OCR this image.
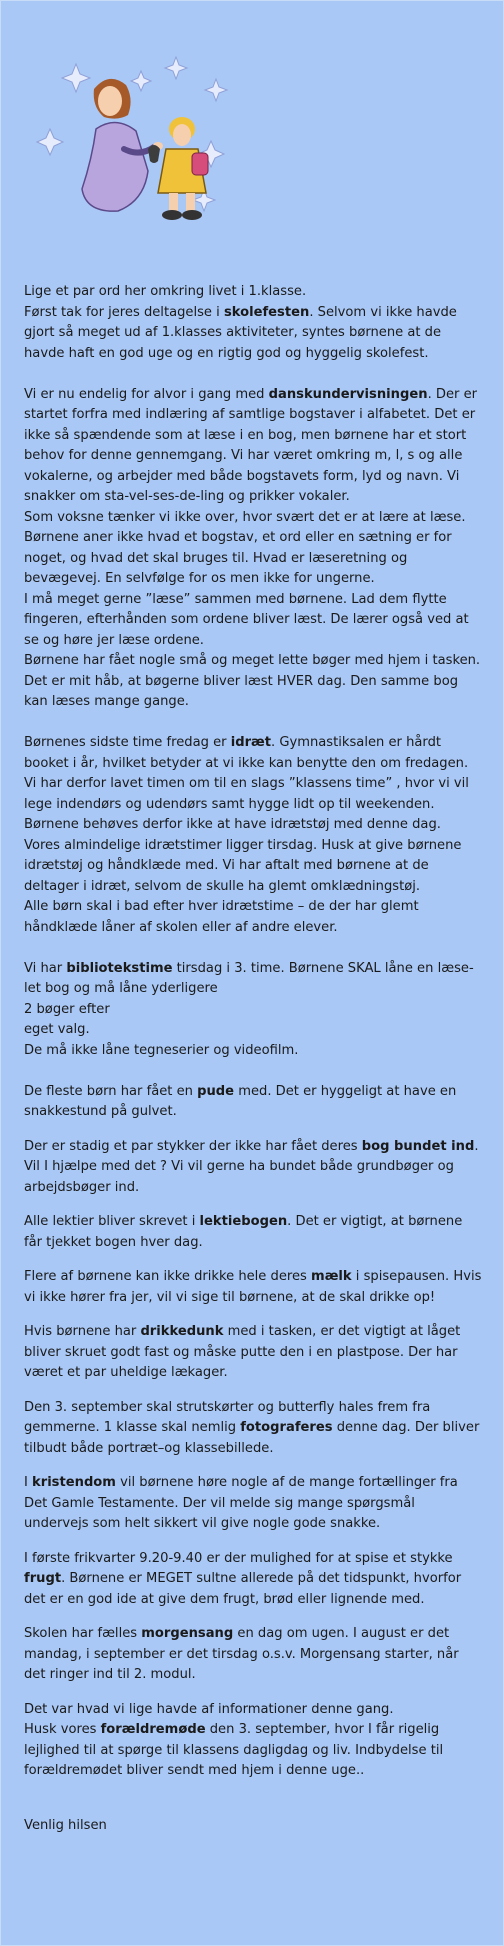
Lige et par ord her omkring livet i 1.klasse.
Først tak for jeres deltagelse i skolefesten. Selvom vi ikke havde gjort så meget ud af 1.klasses aktiviteter, syntes børnene at de havde haft en god uge og en rigtig god og hyggelig skolefest.

Vi er nu endelig for alvor i gang med danskundervisningen. Der er startet forfra med indlæring af samtlige bogstaver i alfabetet. Det er ikke så spændende som at læse i en bog, men børnene har et stort behov for denne gennemgang. Vi har været omkring m, l, s og alle vokalerne, og arbejder med både bogstavets form, lyd og navn. Vi snakker om sta-vel-ses-de-ling og prikker vokaler.
Som voksne tænker vi ikke over, hvor svært det er at lære at læse. Børnene aner ikke hvad et bogstav, et ord eller en sætning er for noget, og hvad det skal bruges til. Hvad er læseretning og bevægevej. En selvfølge for os men ikke for ungerne.
I må meget gerne ”læse” sammen med børnene. Lad dem flytte fingeren, efterhånden som ordene bliver læst. De lærer også ved at se og høre jer læse ordene.
Børnene har fået nogle små og meget lette bøger med hjem i tasken. Det er mit håb, at bøgerne bliver læst HVER dag. Den samme bog kan læses mange gange.

Børnenes sidste time fredag er idræt. Gymnastiksalen er hårdt booket i år, hvilket betyder at vi ikke kan benytte den om fredagen. Vi har derfor lavet timen om til en slags ”klassens time” , hvor vi vil lege indendørs og udendørs samt hygge lidt op til weekenden. Børnene behøves derfor ikke at have idrætstøj med denne dag.
Vores almindelige idrætstimer ligger tirsdag. Husk at give børnene idrætstøj og håndklæde med. Vi har aftalt med børnene at de deltager i idræt, selvom de skulle ha glemt omklædningstøj.
Alle børn skal i bad efter hver idrætstime – de der har glemt håndklæde låner af skolen eller af andre elever.

Vi har bibliotekstime tirsdag i 3. time. Børnene SKAL låne en læse-let bog og må låne yderligere
2 bøger efter
eget valg.
De må ikke låne tegneserier og videofilm.

De fleste børn har fået en pude med. Det er hyggeligt at have en snakkestund på gulvet.

Der er stadig et par stykker der ikke har fået deres bog bundet ind. Vil I hjælpe med det ? Vi vil gerne ha bundet både grundbøger og arbejdsbøger ind.

Alle lektier bliver skrevet i lektiebogen. Det er vigtigt, at børnene får tjekket bogen hver dag.

Flere af børnene kan ikke drikke hele deres mælk i spisepausen. Hvis vi ikke hører fra jer, vil vi sige til børnene, at de skal drikke op!

Hvis børnene har drikkedunk med i tasken, er det vigtigt at låget bliver skruet godt fast og måske putte den i en plastpose. Der har været et par uheldige lækager.

Den 3. september skal strutskørter og butterfly hales frem fra gemmerne. 1 klasse skal nemlig fotograferes denne dag. Der bliver tilbudt både portræt–og klassebillede.

I kristendom vil børnene høre nogle af de mange fortællinger fra Det Gamle Testamente. Der vil melde sig mange spørgsmål undervejs som helt sikkert vil give nogle gode snakke.

I første frikvarter 9.20-9.40 er der mulighed for at spise et stykke frugt. Børnene er MEGET sultne allerede på det tidspunkt, hvorfor det er en god ide at give dem frugt, brød eller lignende med.

Skolen har fælles morgensang en dag om ugen. I august er det mandag, i september er det tirsdag o.s.v. Morgensang starter, når det ringer ind til 2. modul.

Det var hvad vi lige havde af informationer denne gang.
Husk vores forældremøde den 3. september, hvor I får rigelig lejlighed til at spørge til klassens dagligdag og liv. Indbydelse til forældremødet bliver sendt med hjem i denne uge..

Venlig hilsen
